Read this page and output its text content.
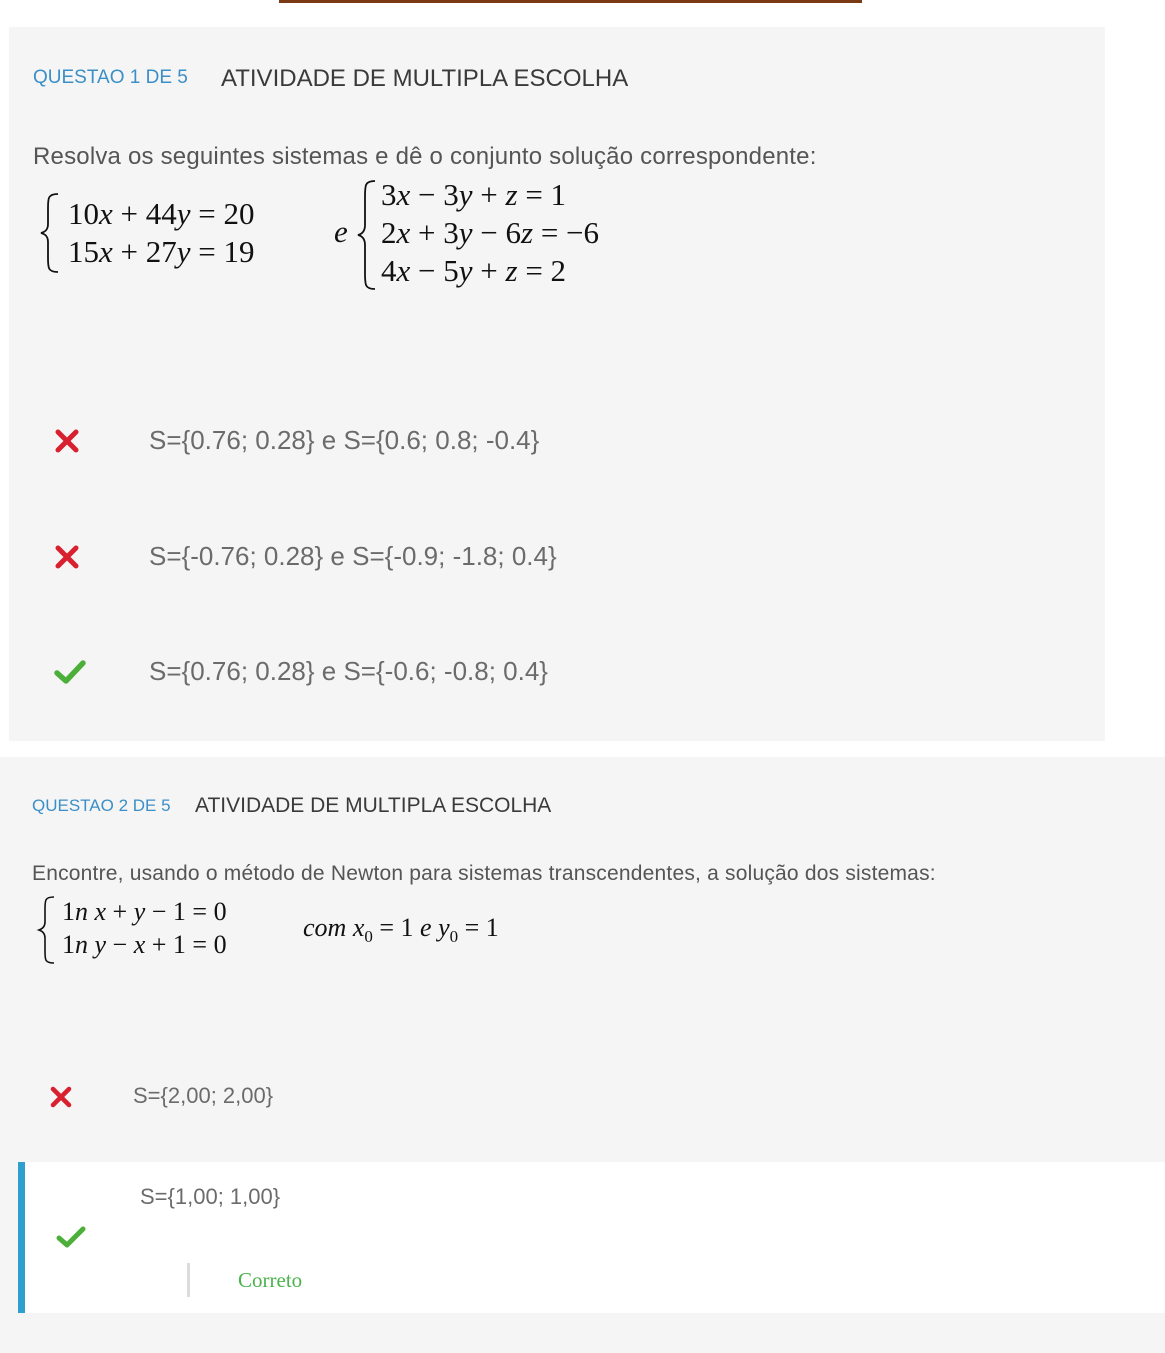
QUESTAO 1 DE 5 ATIVIDADE DE MULTIPLA ESCOLHA
Resolva os seguintes sistemas e dê o conjunto solução correspondente:
10x + 44y = 20
15x + 27y = 19
e
3x − 3y + z = 1
2x + 3y − 6z = −6
4x − 5y + z = 2
S={0.76; 0.28} e S={0.6; 0.8; -0.4}
S={-0.76; 0.28} e S={-0.9; -1.8; 0.4}
S={0.76; 0.28} e S={-0.6; -0.8; 0.4}
QUESTAO 2 DE 5 ATIVIDADE DE MULTIPLA ESCOLHA
Encontre, usando o método de Newton para sistemas transcendentes, a solução dos sistemas:
1n x + y − 1 = 0
1n y − x + 1 = 0
com $x_0 = 1$ e $y_0 = 1$
S={2,00; 2,00}
S={1,00; 1,00}
Correto
